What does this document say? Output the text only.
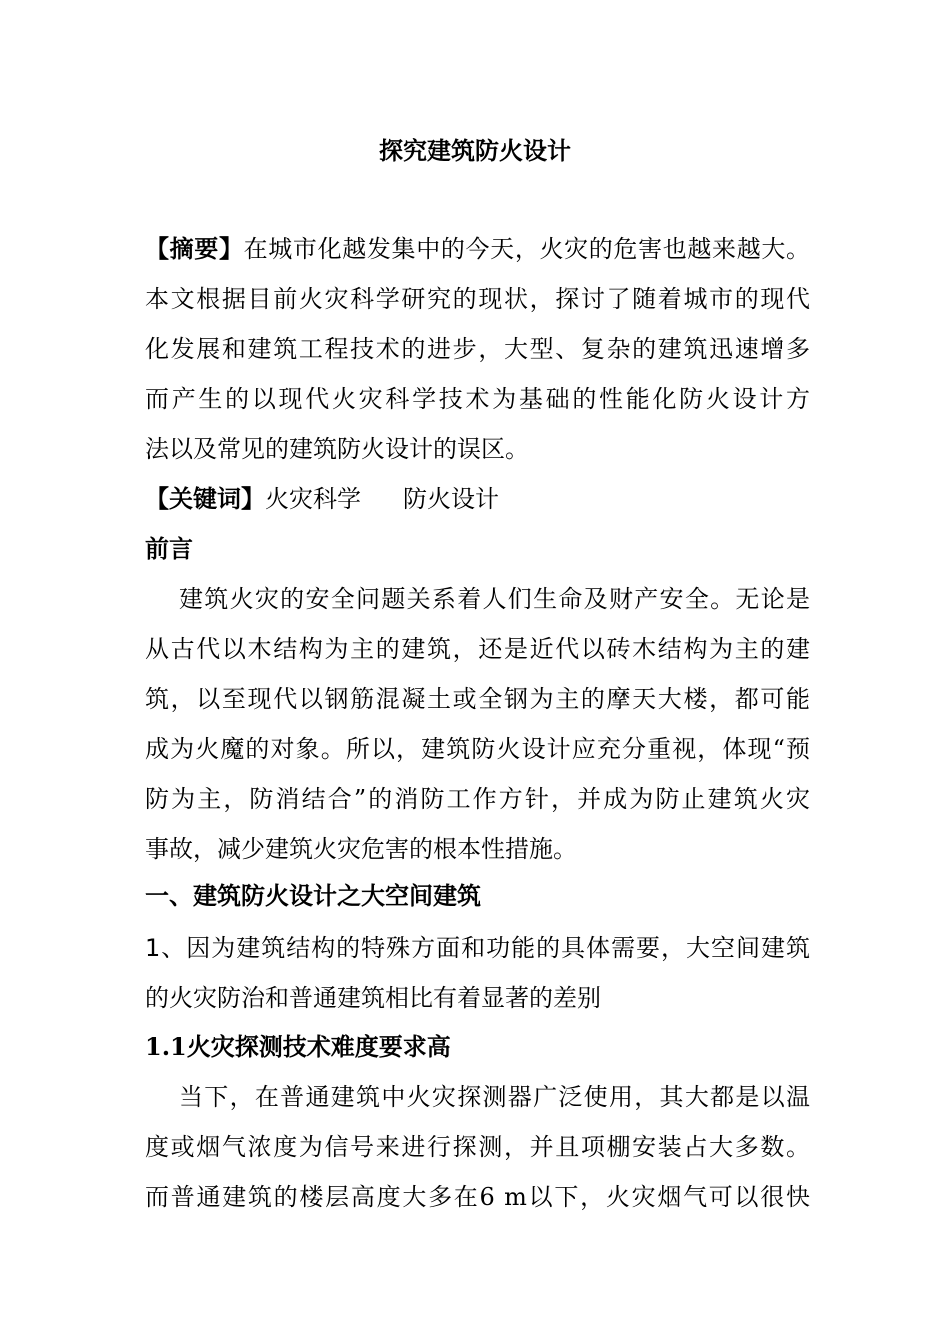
探究建筑防火设计
【摘要】在城市化越发集中的今天，火灾的危害也越来越大。
本文根据目前火灾科学研究的现状，探讨了随着城市的现代
化发展和建筑工程技术的进步，大型、复杂的建筑迅速增多
而产生的以现代火灾科学技术为基础的性能化防火设计方
法以及常见的建筑防火设计的误区。
【关键词】火灾科学 防火设计
前言
建筑火灾的安全问题关系着人们生命及财产安全。无论是
从古代以木结构为主的建筑，还是近代以砖木结构为主的建
筑，以至现代以钢筋混凝土或全钢为主的摩天大楼，都可能
成为火魔的对象。所以，建筑防火设计应充分重视，体现“预
防为主，防消结合”的消防工作方针，并成为防止建筑火灾
事故，减少建筑火灾危害的根本性措施。
一、建筑防火设计之大空间建筑
1、因为建筑结构的特殊方面和功能的具体需要，大空间建筑
的火灾防治和普通建筑相比有着显著的差别
1.1火灾探测技术难度要求高
当下，在普通建筑中火灾探测器广泛使用，其大都是以温
度或烟气浓度为信号来进行探测，并且项棚安装占大多数。
而普通建筑的楼层高度大多在6 m以下，火灾烟气可以很快
